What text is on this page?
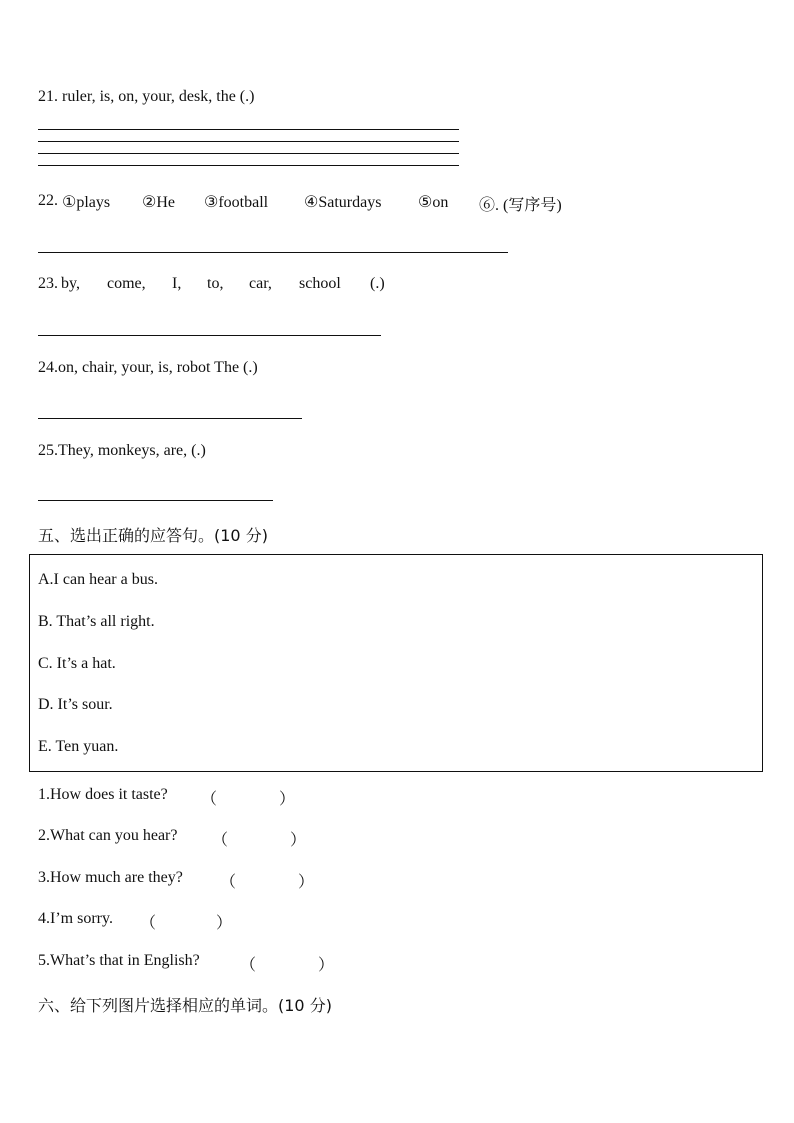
21. ruler, is, on, your, desk, the (.)
22. ①plays ②He ③football ④Saturdays ⑤on ⑥. (写序号)
23. by, come, I, to, car, school (.)
24.on, chair, your, is, robot The (.)
25.They, monkeys, are, (.)
五、选出正确的应答句。(10 分)
A.I can hear a bus.
B. That’s all right.
C. It’s a hat.
D. It’s sour.
E. Ten yuan.
1.How does it taste? （	）
2.What can you hear? （	）
3.How much are they? （	）
4.I’m sorry. （	）
5.What’s that in English?	（	）
六、给下列图片选择相应的单词。(10 分)
